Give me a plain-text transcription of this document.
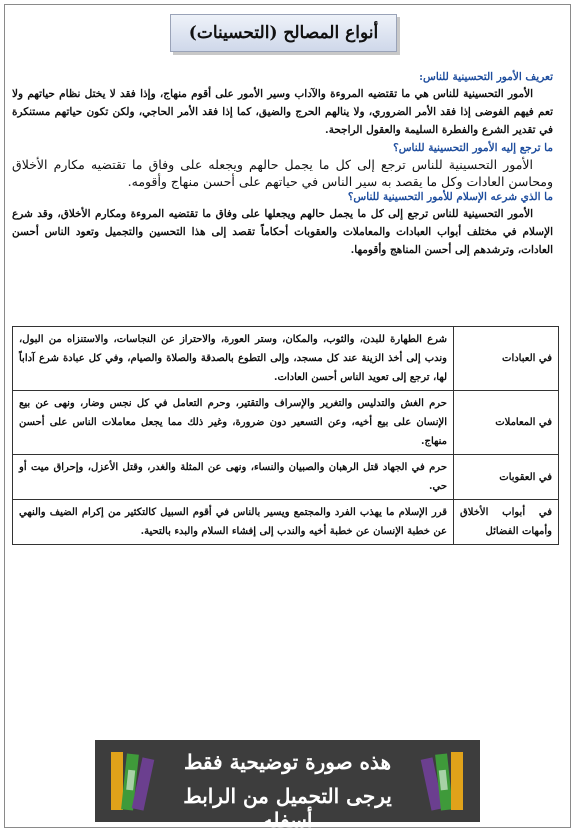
أنواع المصالح (التحسينات)

تعريف الأمور التحسينية للناس:

الأمور التحسينية للناس هي ما تقتضيه المروءة والآداب وسير الأمور على أقوم منهاج، وإذا فقد لا يختل نظام حياتهم ولا تعم فيهم الفوضى إذا فقد الأمر الضروري، ولا ينالهم الحرج والضيق، كما إذا فقد الأمر الحاجي، ولكن تكون حياتهم مستنكرة في تقدير الشرع والفطرة السليمة والعقول الراجحة.

ما ترجع إليه الأمور التحسينية للناس؟

الأمور التحسينية للناس ترجع إلى كل ما يجمل حالهم ويجعله على وفاق ما تقتضيه مكارم الأخلاق ومحاسن العادات وكل ما يقصد به سير الناس في حياتهم على أحسن منهاج وأقومه.

ما الذي شرعه الإسلام للأمور التحسينية للناس؟

الأمور التحسينية للناس ترجع إلى كل ما يجمل حالهم ويجعلها على وفاق ما تقتضيه المروءة ومكارم الأخلاق، وقد شرع الإسلام في مختلف أبواب العبادات والمعاملات والعقوبات أحكاماً تقصد إلى هذا التحسين والتجميل وتعود الناس أحسن العادات، وترشدهم إلى أحسن المناهج وأقومها.

في العبادات	شرع الطهارة للبدن، والثوب، والمكان، وستر العورة، والاحتراز عن النجاسات، والاستنزاه من البول، وندب إلى أخذ الزينة عند كل مسجد، وإلى التطوع بالصدقة والصلاة والصيام، وفي كل عبادة شرع آداباً لها، ترجع إلى تعويد الناس أحسن العادات.
في المعاملات	حرم الغش والتدليس والتغرير والإسراف والتقتير، وحرم التعامل في كل نجس وضار، ونهى عن بيع الإنسان على بيع أخيه، وعن التسعير دون ضرورة، وغير ذلك مما يجعل معاملات الناس على أحسن منهاج.
في العقوبات	حرم في الجهاد قتل الرهبان والصبيان والنساء، ونهى عن المثلة والغدر، وقتل الأعزل، وإحراق ميت أو حي.
في أبواب الأخلاق وأمهات الفضائل	قرر الإسلام ما يهذب الفرد والمجتمع ويسير بالناس في أقوم السبيل كالتكثير من إكرام الضيف والنهي عن خطبة الإنسان عن خطبة أخيه والندب إلى إفشاء السلام والبدء بالتحية.
هذه صورة توضيحية فقط
يرجى التحميل من الرابط أسفله
